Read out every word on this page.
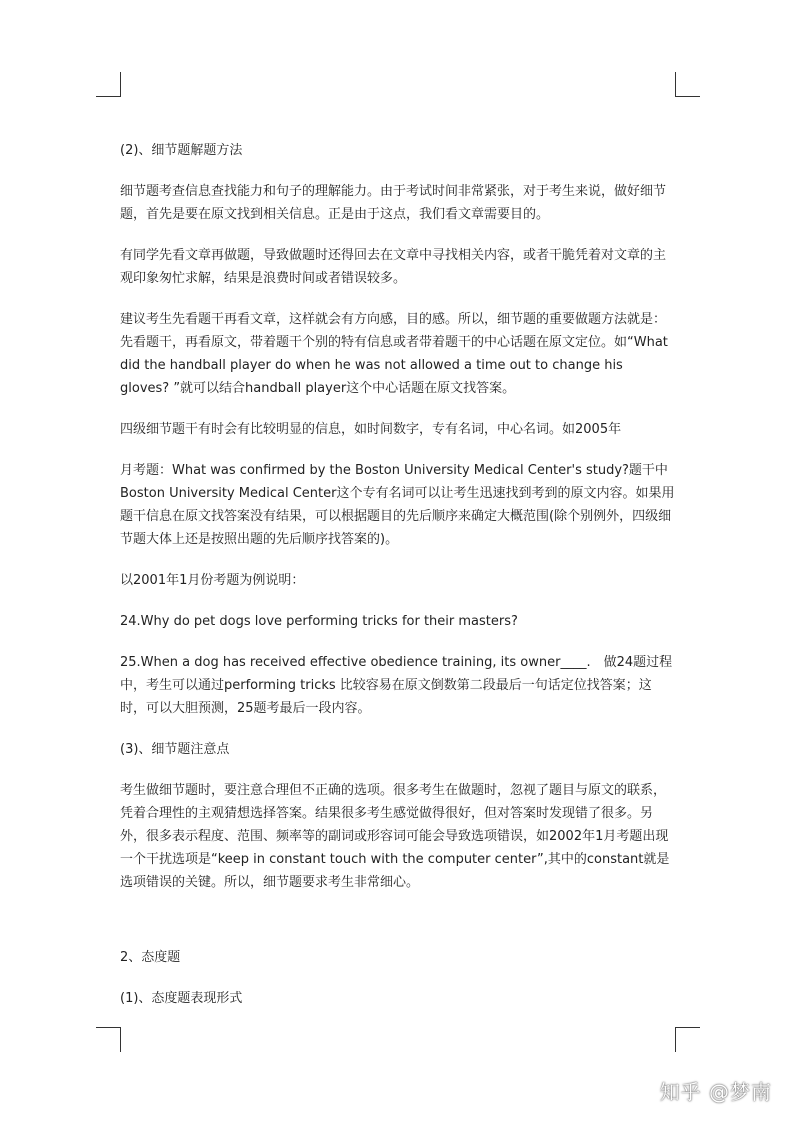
(2)、细节题解题方法

细节题考查信息查找能力和句子的理解能力。由于考试时间非常紧张，对于考生来说，做好细节题，首先是要在原文找到相关信息。正是由于这点，我们看文章需要目的。

有同学先看文章再做题，导致做题时还得回去在文章中寻找相关内容，或者干脆凭着对文章的主观印象匆忙求解，结果是浪费时间或者错误较多。

建议考生先看题干再看文章，这样就会有方向感，目的感。所以，细节题的重要做题方法就是：先看题干，再看原文，带着题干个别的特有信息或者带着题干的中心话题在原文定位。如“What did the handball player do when he was not allowed a time out to change his gloves? ”就可以结合handball player这个中心话题在原文找答案。

四级细节题干有时会有比较明显的信息，如时间数字，专有名词，中心名词。如2005年

月考题：What was confirmed by the Boston University Medical Center's study?题干中Boston University Medical Center这个专有名词可以让考生迅速找到考到的原文内容。如果用题干信息在原文找答案没有结果，可以根据题目的先后顺序来确定大概范围(除个别例外，四级细节题大体上还是按照出题的先后顺序找答案的)。

以2001年1月份考题为例说明：

24.Why do pet dogs love performing tricks for their masters?

25.When a dog has received effective obedience training, its owner____.　做24题过程中，考生可以通过performing tricks 比较容易在原文倒数第二段最后一句话定位找答案；这时，可以大胆预测，25题考最后一段内容。

(3)、细节题注意点

考生做细节题时，要注意合理但不正确的选项。很多考生在做题时，忽视了题目与原文的联系，凭着合理性的主观猜想选择答案。结果很多考生感觉做得很好，但对答案时发现错了很多。另外，很多表示程度、范围、频率等的副词或形容词可能会导致选项错误，如2002年1月考题出现一个干扰选项是“keep in constant touch with the computer center”,其中的constant就是选项错误的关键。所以，细节题要求考生非常细心。

2、态度题

(1)、态度题表现形式

知乎 @梦南
